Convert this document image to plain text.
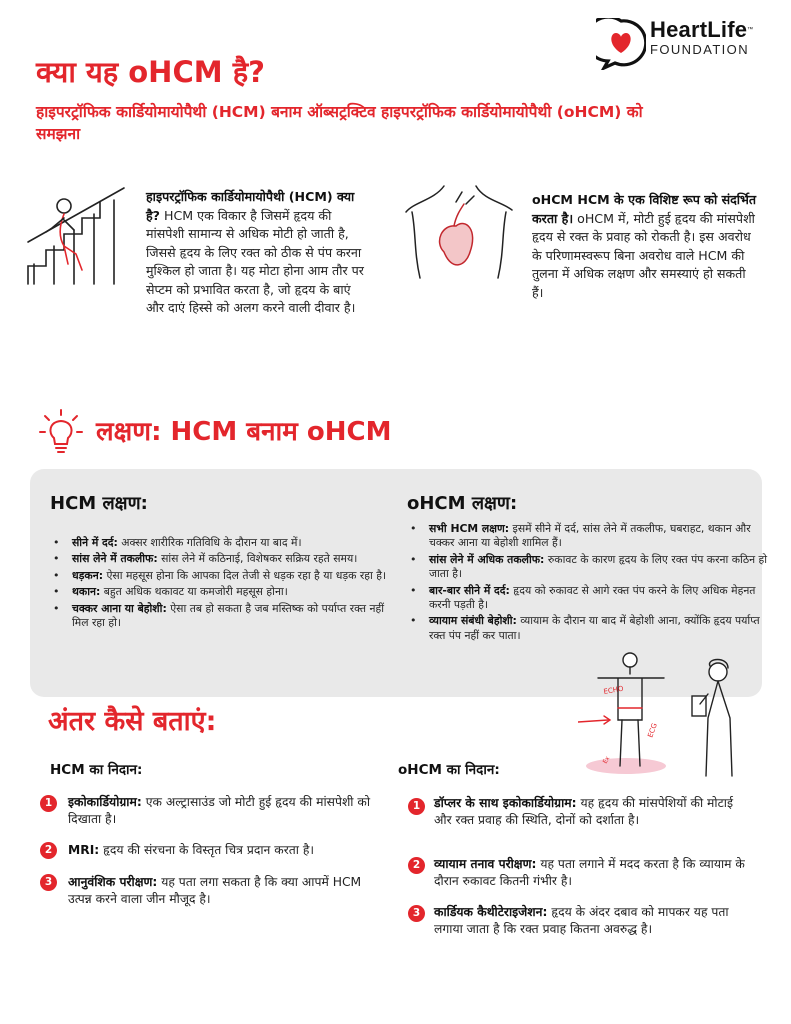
HeartLife™
FOUNDATION
क्या यह oHCM है?
हाइपरट्रॉफिक कार्डियोमायोपैथी (HCM) बनाम ऑब्सट्रक्टिव हाइपरट्रॉफिक कार्डियोमायोपैथी (oHCM) को समझना
हाइपरट्रॉफिक कार्डियोमायोपैथी (HCM) क्या है? HCM एक विकार है जिसमें हृदय की मांसपेशी सामान्य से अधिक मोटी हो जाती है, जिससे हृदय के लिए रक्त को ठीक से पंप करना मुश्किल हो जाता है। यह मोटा होना आम तौर पर सेप्टम को प्रभावित करता है, जो हृदय के बाएं और दाएं हिस्से को अलग करने वाली दीवार है।
oHCM HCM के एक विशिष्ट रूप को संदर्भित करता है। oHCM में, मोटी हुई हृदय की मांसपेशी हृदय से रक्त के प्रवाह को रोकती है। इस अवरोध के परिणामस्वरूप बिना अवरोध वाले HCM की तुलना में अधिक लक्षण और समस्याएं हो सकती हैं।
लक्षण: HCM बनाम oHCM
HCM लक्षण:	oHCM लक्षण:
• सीने में दर्द: अक्सर शारीरिक गतिविधि के दौरान या बाद में।
• सांस लेने में तकलीफ: सांस लेने में कठिनाई, विशेषकर सक्रिय रहते समय।
• धड़कन: ऐसा महसूस होना कि आपका दिल तेजी से धड़क रहा है या धड़क रहा है।
• थकान: बहुत अधिक थकावट या कमजोरी महसूस होना।
• चक्कर आना या बेहोशी: ऐसा तब हो सकता है जब मस्तिष्क को पर्याप्त रक्त नहीं मिल रहा हो।
• सभी HCM लक्षण: इसमें सीने में दर्द, सांस लेने में तकलीफ, घबराहट, थकान और चक्कर आना या बेहोशी शामिल हैं।
• सांस लेने में अधिक तकलीफ: रुकावट के कारण हृदय के लिए रक्त पंप करना कठिन हो जाता है।
• बार-बार सीने में दर्द: हृदय को रुकावट से आगे रक्त पंप करने के लिए अधिक मेहनत करनी पड़ती है।
• व्यायाम संबंधी बेहोशी: व्यायाम के दौरान या बाद में बेहोशी आना, क्योंकि हृदय पर्याप्त रक्त पंप नहीं कर पाता।
ECHO
ECG
Ex
अंतर कैसे बताएं:
HCM का निदान:	oHCM का निदान:
1
इकोकार्डियोग्राम: एक अल्ट्रासाउंड जो मोटी हुई हृदय की मांसपेशी को दिखाता है।
2
MRI: हृदय की संरचना के विस्तृत चित्र प्रदान करता है।
3
आनुवंशिक परीक्षण: यह पता लगा सकता है कि क्या आपमें HCM उत्पन्न करने वाला जीन मौजूद है।
1
डॉप्लर के साथ इकोकार्डियोग्राम: यह हृदय की मांसपेशियों की मोटाई और रक्त प्रवाह की स्थिति, दोनों को दर्शाता है।
2
व्यायाम तनाव परीक्षण: यह पता लगाने में मदद करता है कि व्यायाम के दौरान रुकावट कितनी गंभीर है।
3
कार्डियक कैथीटेराइजेशन: हृदय के अंदर दबाव को मापकर यह पता लगाया जाता है कि रक्त प्रवाह कितना अवरुद्ध है।
